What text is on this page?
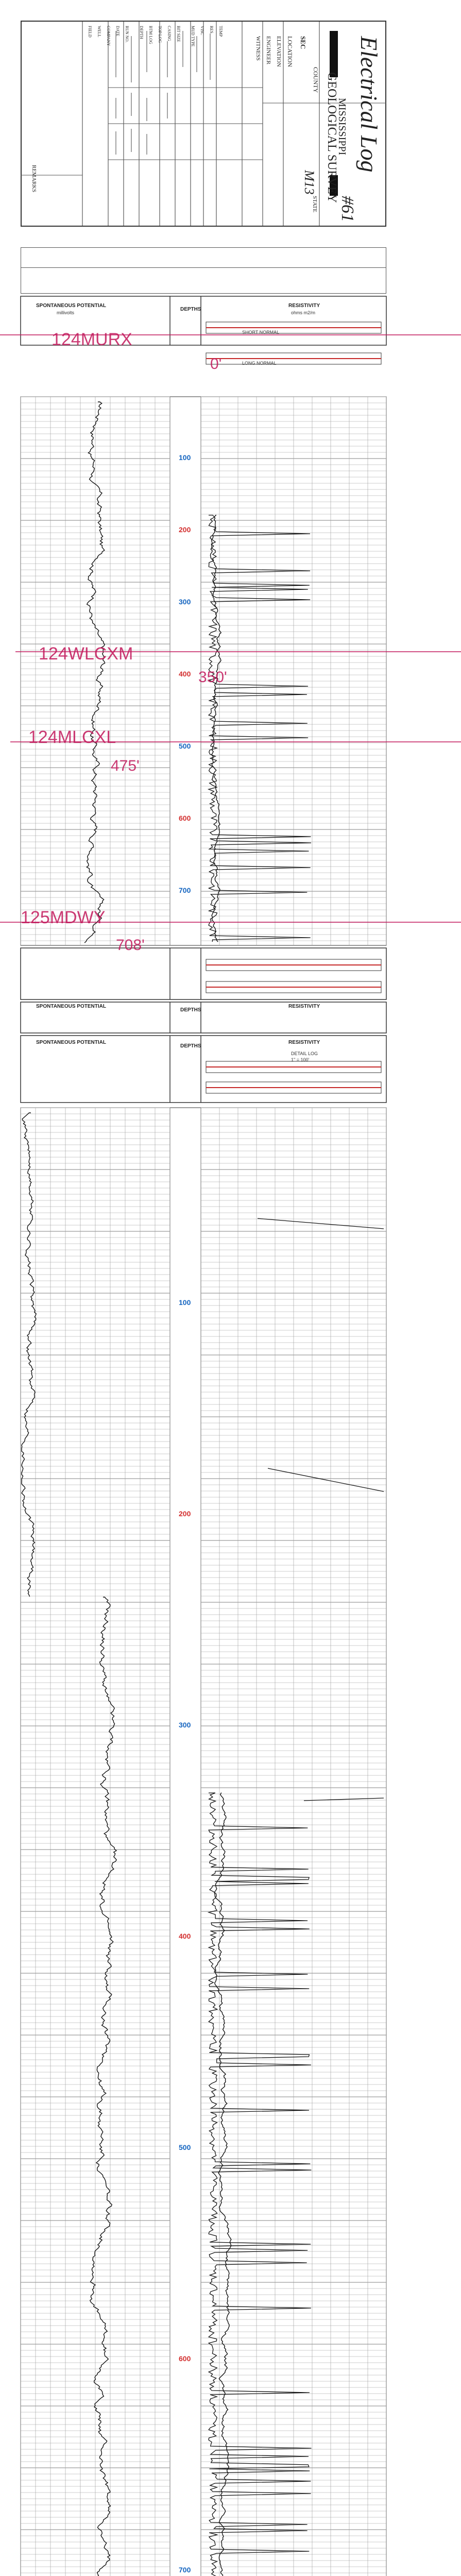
Electrical Log
MISSISSIPPI
GEOLOGICAL SURVEY
#61
SEC
COUNTY
STATE
LOCATION
ELEVATION
ENGINEER
WITNESS
M13
FIELD WELL COMPANY DATE RUN NO. DEPTH BTM LOG TOP LOG CASING BIT SIZE MUD TYPE VISC RES TEMP
REMARKS
SPONTANEOUS POTENTIAL
millivolts
DEPTHS
RESISTIVITY
ohms m2/m
SHORT NORMAL
LONG NORMAL
SPONTANEOUS POTENTIAL
DEPTHS
RESISTIVITY
SPONTANEOUS POTENTIAL
DEPTHS
RESISTIVITY
DETAIL LOG
1" = 100'
100
200
300
400
500
600
700
100
200
300
400
500
600
700
124MURX
0'
124WLCXM
350'
124MLCXL
475'
125MDWY
708'
